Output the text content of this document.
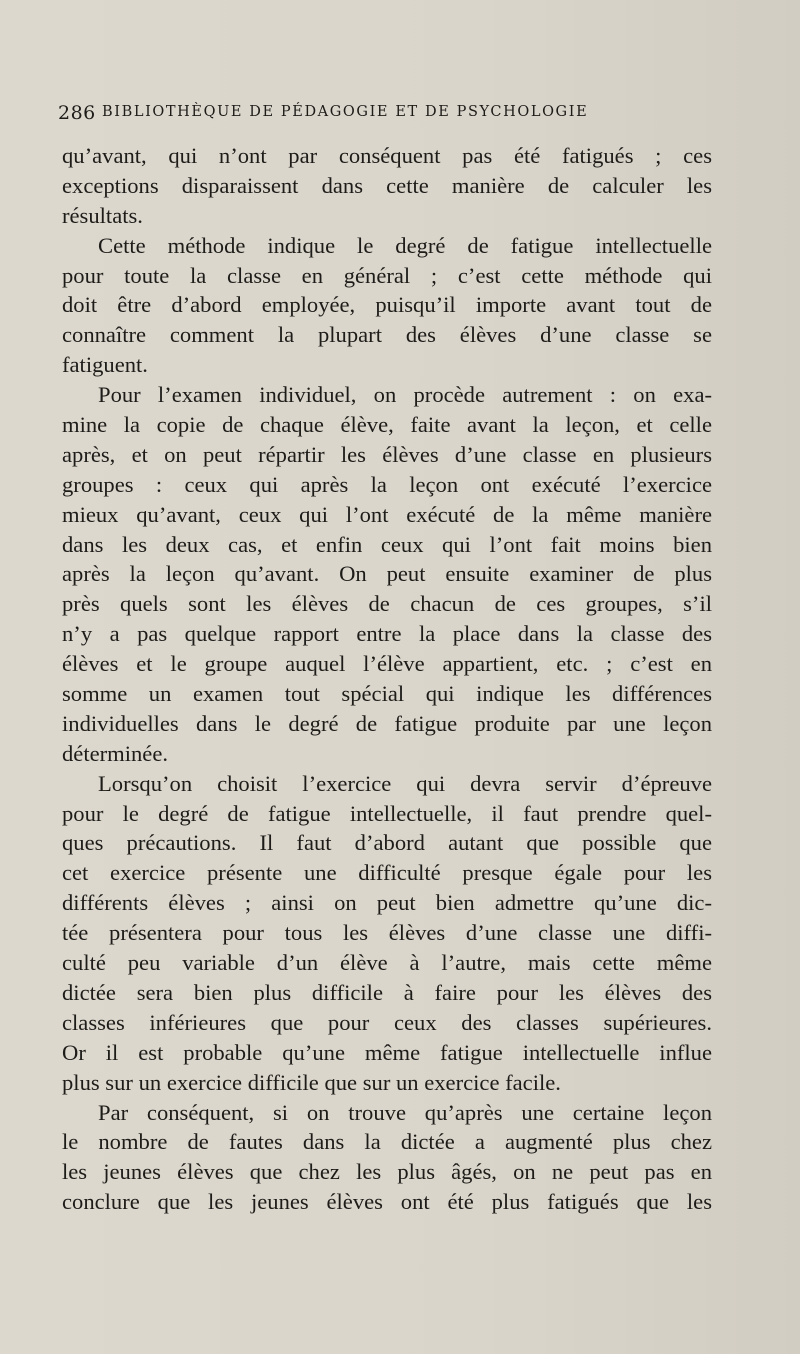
286 BIBLIOTHÈQUE DE PÉDAGOGIE ET DE PSYCHOLOGIE
qu’avant, qui n’ont par conséquent pas été fatigués ; ces
exceptions disparaissent dans cette manière de calculer les
résultats.
Cette méthode indique le degré de fatigue intellectuelle
pour toute la classe en général ; c’est cette méthode qui
doit être d’abord employée, puisqu’il importe avant tout de
connaître comment la plupart des élèves d’une classe se
fatiguent.
Pour l’examen individuel, on procède autrement : on exa-
mine la copie de chaque élève, faite avant la leçon, et celle
après, et on peut répartir les élèves d’une classe en plusieurs
groupes : ceux qui après la leçon ont exécuté l’exercice
mieux qu’avant, ceux qui l’ont exécuté de la même manière
dans les deux cas, et enfin ceux qui l’ont fait moins bien
après la leçon qu’avant. On peut ensuite examiner de plus
près quels sont les élèves de chacun de ces groupes, s’il
n’y a pas quelque rapport entre la place dans la classe des
élèves et le groupe auquel l’élève appartient, etc. ; c’est en
somme un examen tout spécial qui indique les différences
individuelles dans le degré de fatigue produite par une leçon
déterminée.
Lorsqu’on choisit l’exercice qui devra servir d’épreuve
pour le degré de fatigue intellectuelle, il faut prendre quel-
ques précautions. Il faut d’abord autant que possible que
cet exercice présente une difficulté presque égale pour les
différents élèves ; ainsi on peut bien admettre qu’une dic-
tée présentera pour tous les élèves d’une classe une diffi-
culté peu variable d’un élève à l’autre, mais cette même
dictée sera bien plus difficile à faire pour les élèves des
classes inférieures que pour ceux des classes supérieures.
Or il est probable qu’une même fatigue intellectuelle influe
plus sur un exercice difficile que sur un exercice facile.
Par conséquent, si on trouve qu’après une certaine leçon
le nombre de fautes dans la dictée a augmenté plus chez
les jeunes élèves que chez les plus âgés, on ne peut pas en
conclure que les jeunes élèves ont été plus fatigués que les
